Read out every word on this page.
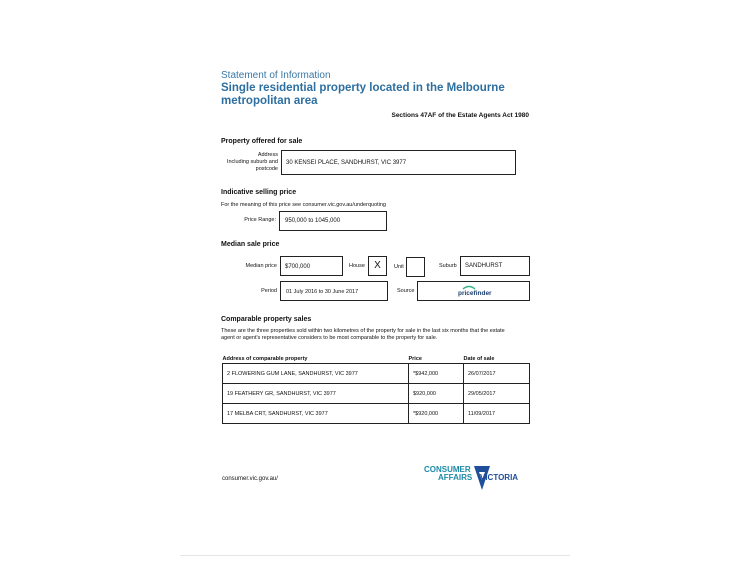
Statement of Information
Single residential property located in the Melbourne
metropolitan area
Sections 47AF of the Estate Agents Act 1980
Property offered for sale
Address
Including suburb and
postcode
30 KENSEI PLACE, SANDHURST, VIC 3977
Indicative selling price
For the meaning of this price see consumer.vic.gov.au/underquoting
Price Range: 950,000 to 1045,000
Median sale price
Median price $700,000	House X	Unit	Suburb SANDHURST
Period 01 July 2016 to 30 June 2017	Source	pricefinder
Comparable property sales
These are the three properties sold within two kilometres of the property for sale in the last six months that the estate
agent or agent's representative considers to be most comparable to the property for sale.
Address of comparable property	Price	Date of sale
2 FLOWERING GUM LANE, SANDHURST, VIC 3977	*$942,000	26/07/2017
19 FEATHERY GR, SANDHURST, VIC 3977	$920,000	29/05/2017
17 MELBA CRT, SANDHURST, VIC 3977	*$920,000	11/09/2017
consumer.vic.gov.au/
CONSUMER
AFFAIRS VICTORIA
